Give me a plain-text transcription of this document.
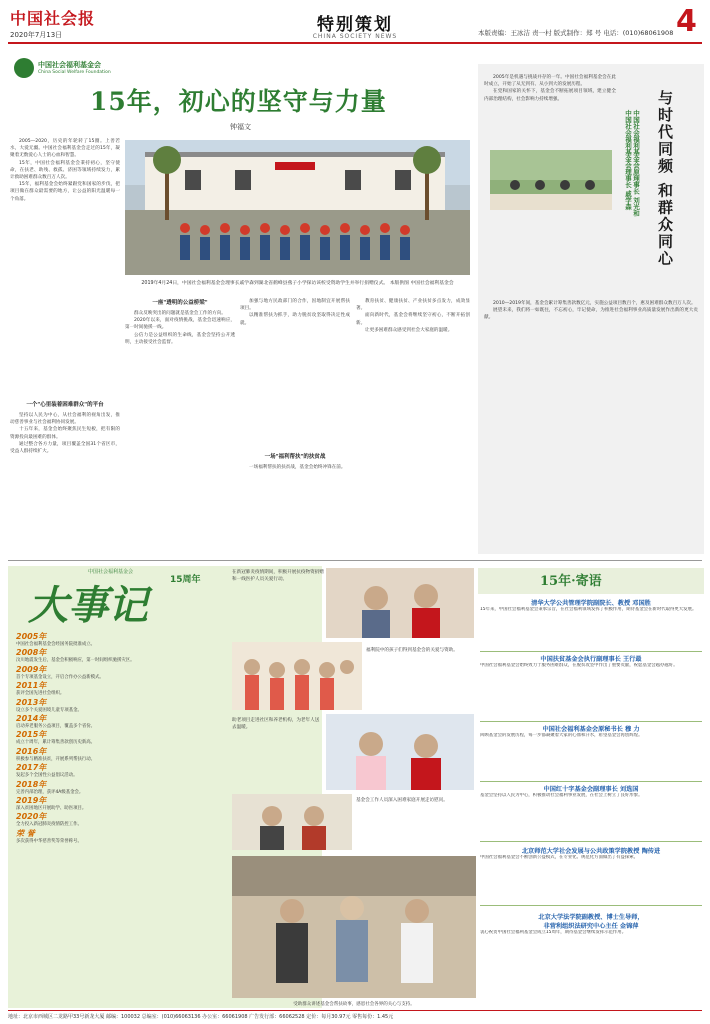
中国社会报
2020年7月13日	特别策划
CHINA SOCIETY NEWS	本版责编：王冰洁 责一村 版式制作：郑 号 电话：(010)68061908 4
中国社会福利基金会
China Social Welfare Foundation
15年，初心的坚守与力量
钟福文

2005—2020，历史的年轮转了15圈。上善若水，大爱无疆。中国社会福利基金会走过的15年，凝聚着无数爱心人士的心血和智慧。

15年，中国社会福利基金会秉持初心，坚守使命，在扶老、助残、救孤、济困等领域持续发力，累计救助困难群众数百万人次。

15年，福利基金会始终紧跟党和国家的步伐，把项目做在群众最需要的地方，让公益的阳光温暖每一个角落。

一个"心里装着困难群众"的平台

坚持以人民为中心，从社会福利的视角出发，推动慈善事业与社会福利协同发展。

十五年来，基金会始终聚焦民生短板，把有限的资源投向最困难的群体。

通过整合各方力量，项目覆盖全国31个省区市，受益人群持续扩大。

2019年4月24日，中国社会福利基金会理事长戚学森到湖北省鹤峰县燕子小学探访该校受资助学生并举行捐赠仪式。 本版供图 中国社会福利基金会
一座"透明的公益桥梁"

群众反映突出的问题就是基金会工作的方向。

2020年以来，面对疫情挑战，基金会迅速响应，第一时间驰援一线。

公信力是公益组织的生命线，基金会坚持公开透明，主动接受社会监督。

加强与地方民政部门的合作，因地制宜开展帮扶项目。

以精准帮扶为抓手，助力脱贫攻坚取得决定性成就。

一场"福利帮扶"的扶贫战

一场福利帮扶的扶贫战，基金会始终冲锋在前。

教育扶贫、健康扶贫、产业扶贫多点发力，成效显著。

面向新时代，基金会将继续坚守初心，不断开拓创新。

让更多困难群众感受到社会大家庭的温暖。

与时代同频 和群众同心
中国社会福利基金会原理事长 刘光和
中国社会福利基金会理事长 戚学森

2005年是机遇与挑战并存的一年。中国社会福利基金会在此时成立，开始了从无到有、从小到大的发展历程。

在党和国家的关怀下，基金会不断拓展项目领域，建立健全内部治理结构，社会影响力持续增强。

2010—2019年间，基金会累计筹集善款数亿元，实施公益项目数百个，惠及困难群众数百万人次。

展望未来，我们将一如既往，不忘初心，牢记使命，为推进社会福利事业高质量发展作出新的更大贡献。

中国社会福利基金会
15周年
大事记
2005年
中国社会福利基金会经国务院批准成立。
2008年
汶川地震发生后，基金会积极响应，第一时间组织驰援灾区。
2009年
首个专项基金设立，开启合作办公益新模式。
2011年
获评全国先进社会组织。
2013年
设立多个关爱困境儿童专项基金。
2014年
启动养老服务公益项目，覆盖多个省份。
2015年
成立十周年，累计筹集善款创历史新高。
2016年
积极参与精准扶贫，开展系列帮扶行动。
2017年
发起多个全国性公益倡议活动。
2018年
完善内部治理，获评4A级基金会。
2019年
深入贫困地区开展助学、助医项目。
2020年
全力投入新冠肺炎疫情防控工作。
荣 誉
多次获得中华慈善奖等荣誉称号。
在新冠肺炎疫情期间，积极开展抗疫物资捐赠和一线医护人员关爱行动。
福利院中的孩子们得到基金会的关爱与资助。
助老项目走进社区和养老机构，为老年人送去温暖。
基金会工作人员深入困难家庭开展走访慰问。
受助群众讲述基金会帮扶故事，感恩社会各界的关心与支持。
15年·寄语
清华大学公共管理学院副院长、教授 邓国胜
15年来，中国社会福利基金会秉承宗旨，在社会福利领域发挥了积极作用，期待基金会在新时代取得更大发展。
中国扶贫基金会执行副理事长 王行最
中国社会福利基金会始终致力于服务困难群众，在脱贫攻坚中作出了重要贡献，祝愿基金会越办越好。
中国社会福利基金会原秘书长 穆 力
回顾基金会的发展历程，每一步都凝聚着大家的心血和汗水，希望基金会再创辉煌。
中国红十字基金会副理事长 刘选国
基金会坚持以人民为中心，积极推动社会福利事业发展，在社会上树立了良好形象。
北京师范大学社会发展与公共政策学院教授 陶传进
中国社会福利基金会不断创新公益模式，在专业化、规范化方面做出了有益探索。
北京大学法学院副教授、博士生导师，
非营利组织法研究中心主任 金锦萍
衷心祝贺中国社会福利基金会成立15周年，期待基金会继续发挥示范作用。
地址：北京市西城区二龙路甲33号新龙大厦 邮编：100032 总编室：(010)66063136 办公室：66061908 广告发行部：66062528 定价：每月30.97元 零售每份：1.45元
